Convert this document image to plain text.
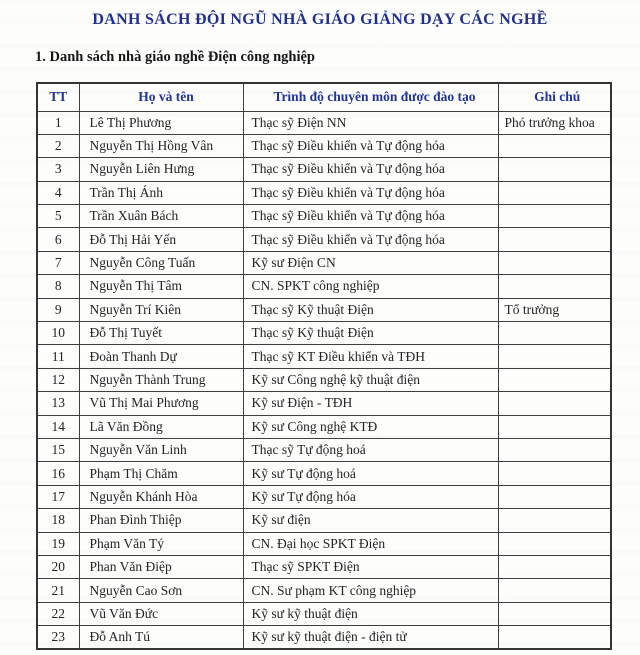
DANH SÁCH ĐỘI NGŨ NHÀ GIÁO GIẢNG DẠY CÁC NGHỀ
1. Danh sách nhà giáo nghề Điện công nghiệp
TT	Họ và tên	Trình độ chuyên môn được đào tạo	Ghi chú
1	Lê Thị Phương	Thạc sỹ Điện NN	Phó trưởng khoa
2	Nguyễn Thị Hồng Vân	Thạc sỹ Điều khiển và Tự động hóa	
3	Nguyễn Liên Hưng	Thạc sỹ Điều khiển và Tự động hóa	
4	Trần Thị Ánh	Thạc sỹ Điều khiển và Tự động hóa	
5	Trần Xuân Bách	Thạc sỹ Điều khiển và Tự động hóa	
6	Đỗ Thị Hải Yến	Thạc sỹ Điều khiển và Tự động hóa	
7	Nguyễn Công Tuấn	Kỹ sư Điện CN	
8	Nguyễn Thị Tâm	CN. SPKT công nghiệp	
9	Nguyễn Trí Kiên	Thạc sỹ Kỹ thuật Điện	Tổ trưởng
10	Đỗ Thị Tuyết	Thạc sỹ Kỹ thuật Điện	
11	Đoàn Thanh Dự	Thạc sỹ KT Điều khiển và TĐH	
12	Nguyễn Thành Trung	Kỹ sư Công nghệ kỹ thuật điện	
13	Vũ Thị Mai Phương	Kỹ sư Điện - TĐH	
14	Lã Văn Đồng	Kỹ sư Công nghệ KTĐ	
15	Nguyễn Văn Linh	Thạc sỹ Tự động hoá	
16	Phạm Thị Chăm	Kỹ sư Tự động hoá	
17	Nguyễn Khánh Hòa	Kỹ sư Tự động hóa	
18	Phan Đình Thiệp	Kỹ sư điện	
19	Phạm Văn Tý	CN. Đại học SPKT Điện	
20	Phan Văn Điệp	Thạc sỹ SPKT Điện	
21	Nguyễn Cao Sơn	CN. Sư phạm KT công nghiệp	
22	Vũ Văn Đức	Kỹ sư kỹ thuật điện	
23	Đỗ Anh Tú	Kỹ sư kỹ thuật điện - điện tử	
